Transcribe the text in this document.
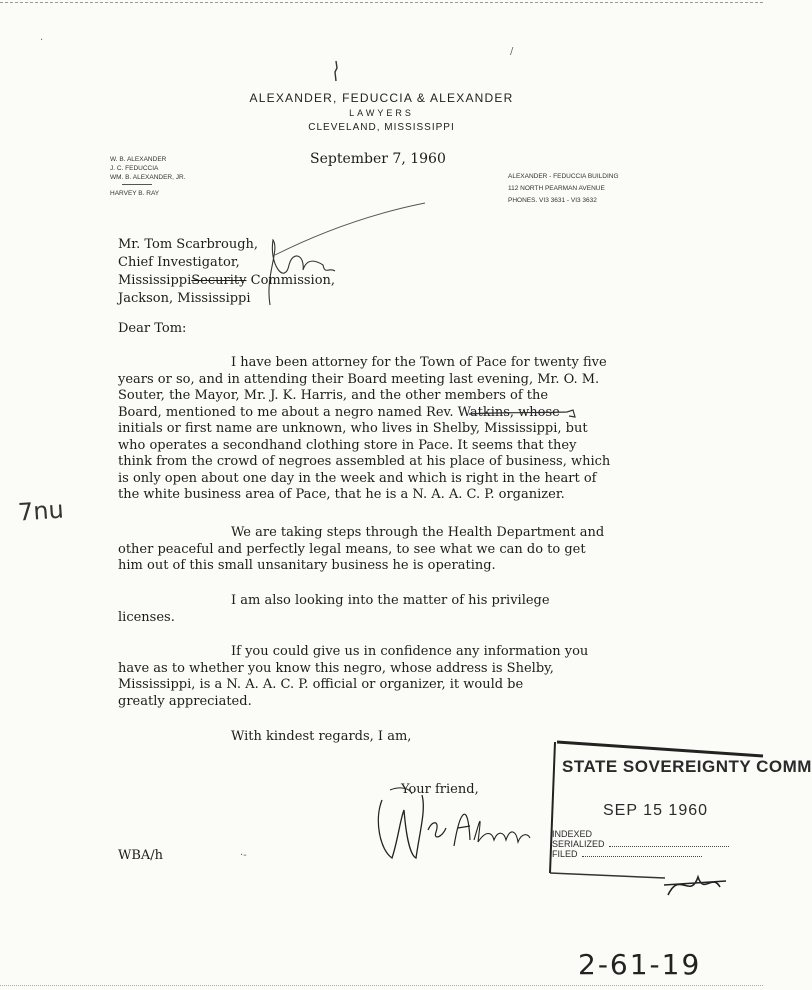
ALEXANDER, FEDUCCIA & ALEXANDER
LAWYERS
CLEVELAND, MISSISSIPPI
W. B. ALEXANDER
J. C. FEDUCCIA
WM. B. ALEXANDER, JR.
HARVEY B. RAY
ALEXANDER - FEDUCCIA BUILDING
112 NORTH PEARMAN AVENUE
PHONES. VI3 3631 - VI3 3632
September 7, 1960
Mr. Tom Scarbrough,
Chief Investigator,
MississippiSecurity Commission,
Jackson, Mississippi
Dear Tom:
I have been attorney for the Town of Pace for twenty five
years or so, and in attending their Board meeting last evening, Mr. O. M.
Souter, the Mayor, Mr. J. K. Harris, and the other members of the
Board, mentioned to me about a negro named Rev. Watkins, whose
initials or first name are unknown, who lives in Shelby, Mississippi, but
who operates a secondhand clothing store in Pace. It seems that they
think from the crowd of negroes assembled at his place of business, which
is only open about one day in the week and which is right in the heart of
the white business area of Pace, that he is a N. A. A. C. P. organizer.
7nu
We are taking steps through the Health Department and
other peaceful and perfectly legal means, to see what we can do to get
him out of this small unsanitary business he is operating.
I am also looking into the matter of his privilege
licenses.
If you could give us in confidence any information you
have as to whether you know this negro, whose address is Shelby,
Mississippi, is a N. A. A. C. P. official or organizer, it would be
greatly appreciated.
With kindest regards, I am,
STATE SOVEREIGNTY COMM
SEP 15 1960
INDEXED
SERIALIZED
FILED
Your friend,
WBA/h
2-61-19
·
/
·-
